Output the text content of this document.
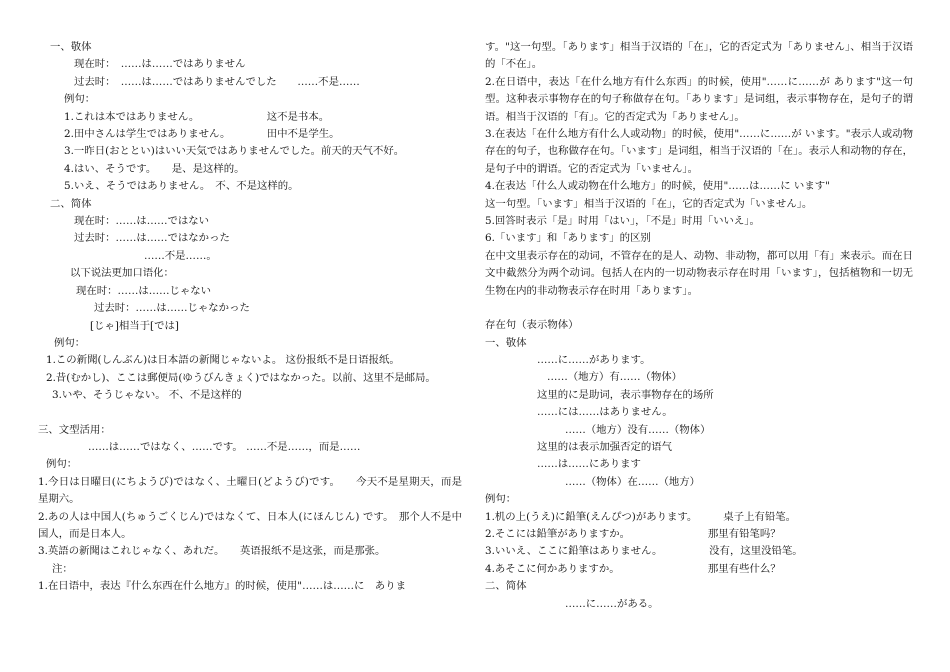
一、敬体
现在时：　……は……ではありません
过去时：　……は……ではありませんでした　　……不是……
例句：
1.これは本ではありません。　　　　　　　这不是书本。
2.田中さんは学生ではありません。　　　　田中不是学生。
3.一昨日(おととい)はいい天気ではありませんでした。前天的天气不好。
4.はい、そうです。　　是、是这样的。
5.いえ、そうではありません。　不、不是这样的。
二、简体
现在时：……は……ではない
过去时：……は……ではなかった
……不是……。
以下说法更加口语化：
现在时：……は……じゃない
过去时：……は……じゃなかった
[じゃ]相当于[では]
例句：
1.この新聞(しんぶん)は日本語の新聞じゃないよ。 这份报纸不是日语报纸。
2.昔(むかし)、ここは郵便局(ゆうびんきょく)ではなかった。以前、这里不是邮局。
3.いや、そうじゃない。 不、不是这样的
三、文型活用：
……は……ではなく、……です。 ……不是……，而是……
例句：
1.今日は日曜日(にちようび)ではなく、土曜日(どようび)です。　　今天不是星期天，而是星期六。
2.あの人は中国人(ちゅうごくじん)ではなくて、日本人(にほんじん) です。　那个人不是中国人，而是日本人。
3.英語の新聞はこれじゃなく、あれだ。　　英语报纸不是这张，而是那张。
注：
1.在日语中，表达『什么东西在什么地方』的时候，使用"……は……に　ありま
す。"这一句型。「あります」相当于汉语的「在」，它的否定式为「ありません」、相当于汉语的「不在」。
2.在日语中，表达「在什么地方有什么东西」的时候，使用"……に……が あります"这一句型。这种表示事物存在的句子称做存在句。「あります」是词组，表示事物存在，是句子的谓语。相当于汉语的「有」。它的否定式为「ありません」。
3.在表达「在什么地方有什么人或动物」的时候，使用"……に……が います。"表示人或动物存在的句子，也称做存在句。「います」是词组，相当于汉语的「在」。表示人和动物的存在，是句子中的谓语。它的否定式为「いません」。
4.在表达「什么人或动物在什么地方」的时候，使用"……は……に います"
这一句型。「います」相当于汉语的「在」，它的否定式为「いません」。
5.回答时表示「是」时用「はい」，「不是」时用「いいえ」。
6.「います」和「あります」的区别
在中文里表示存在的动词，不管存在的是人、动物、非动物，都可以用「有」来表示。而在日文中截然分为两个动词。包括人在内的一切动物表示存在时用「います」，包括植物和一切无生物在内的非动物表示存在时用「あります」。
存在句（表示物体）
一、敬体
……に……があります。
……（地方）有……（物体）
这里的に是助词，表示事物存在的场所
……には……はありません。
……（地方）没有……（物体）
这里的は表示加强否定的语气
……は……にあります
……（物体）在……（地方）
例句：
1.机の上(うえ)に鉛筆(えんぴつ)があります。　　　桌子上有铅笔。
2.そこには鉛筆がありますか。　　　　　　　　那里有铅笔吗？
3.いいえ、ここに鉛筆はありません。　　　　　没有，这里没铅笔。
4.あそこに何かありますか。　　　　　　　　　那里有些什么？
二、简体
……に……がある。
